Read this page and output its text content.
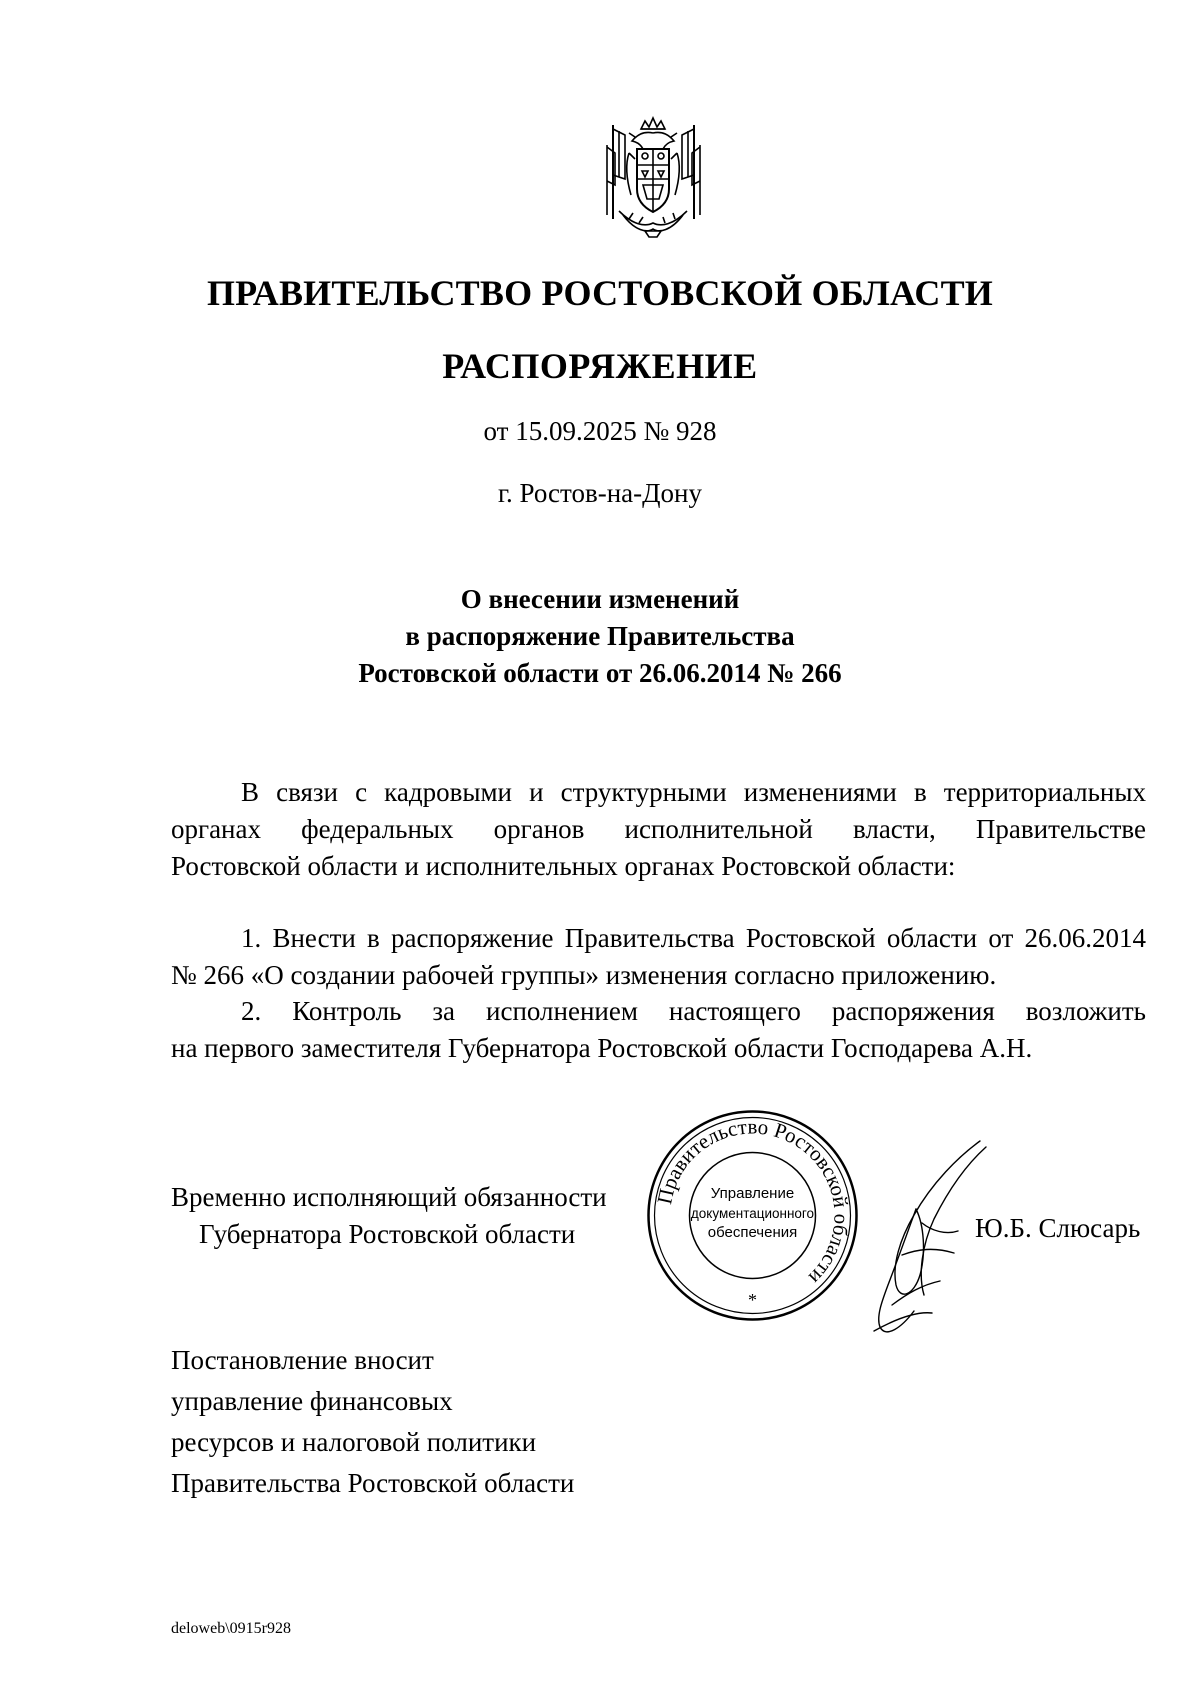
ПРАВИТЕЛЬСТВО РОСТОВСКОЙ ОБЛАСТИ
РАСПОРЯЖЕНИЕ
от 15.09.2025 № 928
г. Ростов-на-Дону
О внесении изменений
в распоряжение Правительства
Ростовской области от 26.06.2014 № 266
В связи с кадровыми и структурными изменениями в территориальных
органах федеральных органов исполнительной власти, Правительстве
Ростовской области и исполнительных органах Ростовской области:
1. Внести в распоряжение Правительства Ростовской области от 26.06.2014
№ 266 «О создании рабочей группы» изменения согласно приложению.
2. Контроль за исполнением настоящего распоряжения возложить
на первого заместителя Губернатора Ростовской области Господарева А.Н.
Временно исполняющий обязанности
Губернатора Ростовской области
Правительство Ростовской области
Управление
документационного
обеспечения
*
Ю.Б. Слюсарь
Постановление вносит
управление финансовых
ресурсов и налоговой политики
Правительства Ростовской области
deloweb\0915r928
